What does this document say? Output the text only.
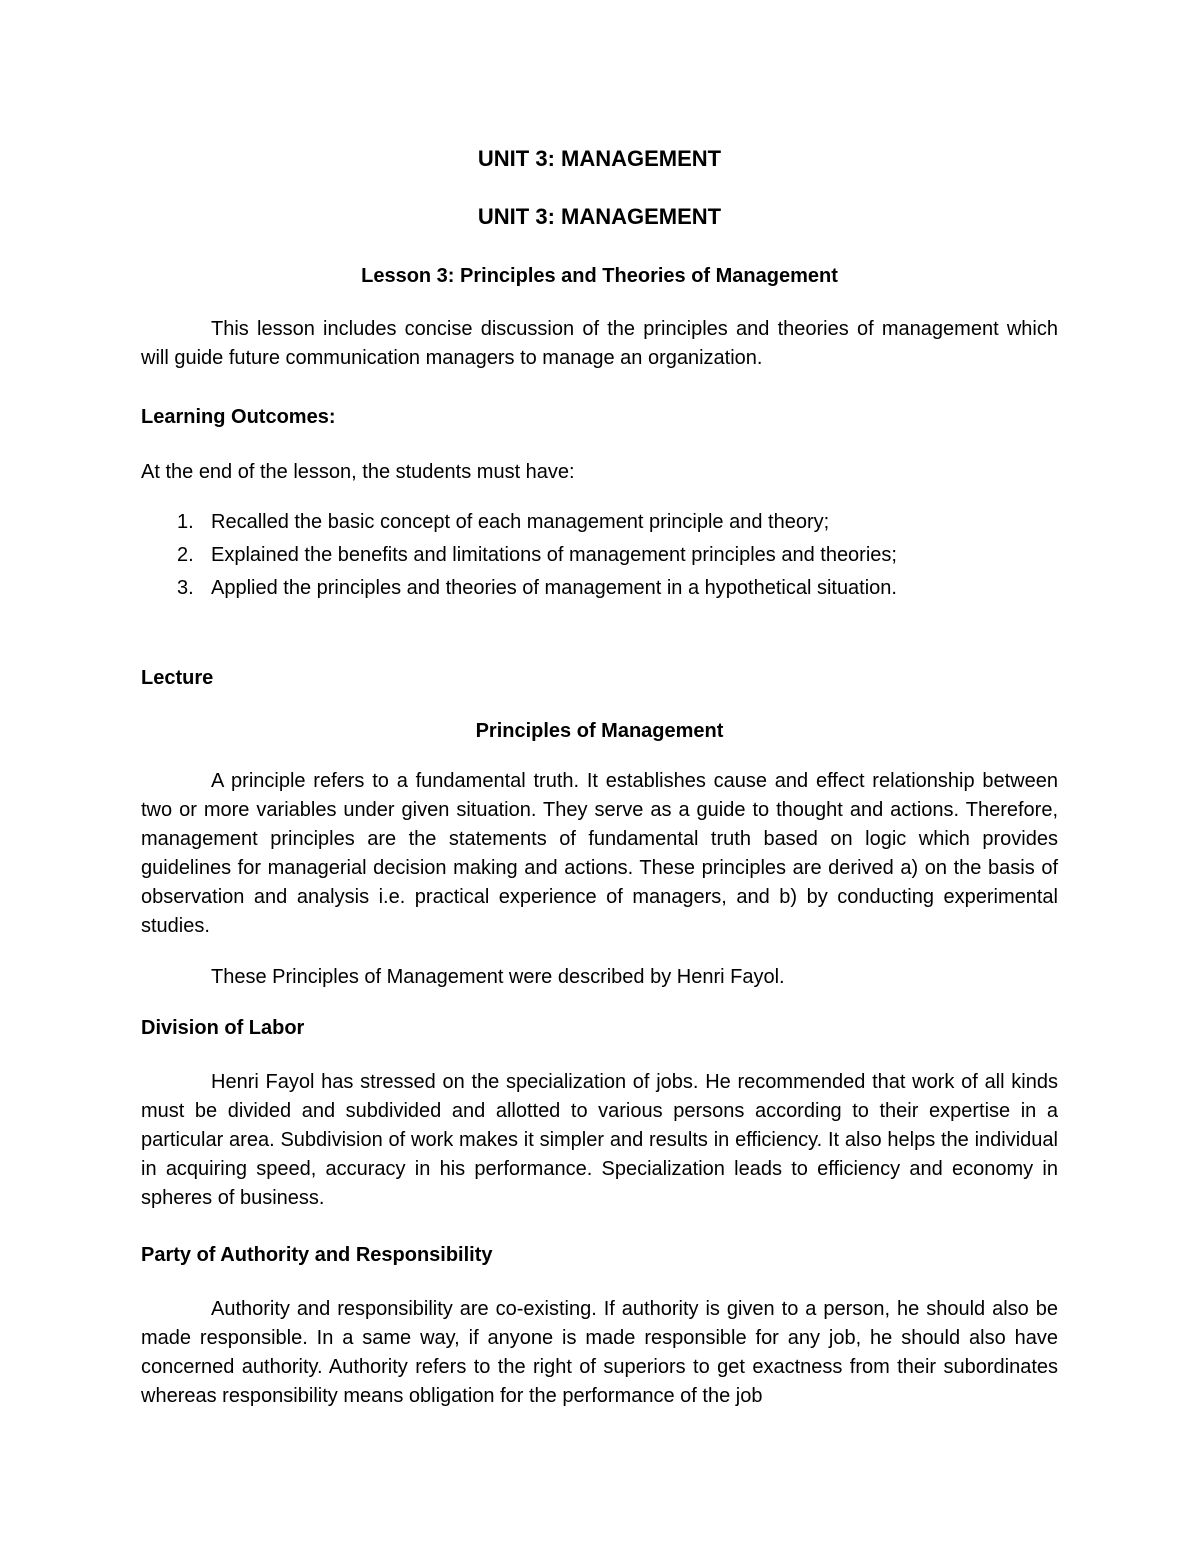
UNIT 3: MANAGEMENT

UNIT 3: MANAGEMENT

Lesson 3: Principles and Theories of Management

This lesson includes concise discussion of the principles and theories of management which will guide future communication managers to manage an organization.

Learning Outcomes:

At the end of the lesson, the students must have:

1. Recalled the basic concept of each management principle and theory;
2. Explained the benefits and limitations of management principles and theories;
3. Applied the principles and theories of management in a hypothetical situation.

Lecture

Principles of Management

A principle refers to a fundamental truth. It establishes cause and effect relationship between two or more variables under given situation. They serve as a guide to thought and actions. Therefore, management principles are the statements of fundamental truth based on logic which provides guidelines for managerial decision making and actions. These principles are derived a) on the basis of observation and analysis i.e. practical experience of managers, and b) by conducting experimental studies.

These Principles of Management were described by Henri Fayol.

Division of Labor

Henri Fayol has stressed on the specialization of jobs. He recommended that work of all kinds must be divided and subdivided and allotted to various persons according to their expertise in a particular area. Subdivision of work makes it simpler and results in efficiency. It also helps the individual in acquiring speed, accuracy in his performance. Specialization leads to efficiency and economy in spheres of business.

Party of Authority and Responsibility

Authority and responsibility are co-existing. If authority is given to a person, he should also be made responsible. In a same way, if anyone is made responsible for any job, he should also have concerned authority. Authority refers to the right of superiors to get exactness from their subordinates whereas responsibility means obligation for the performance of the job
